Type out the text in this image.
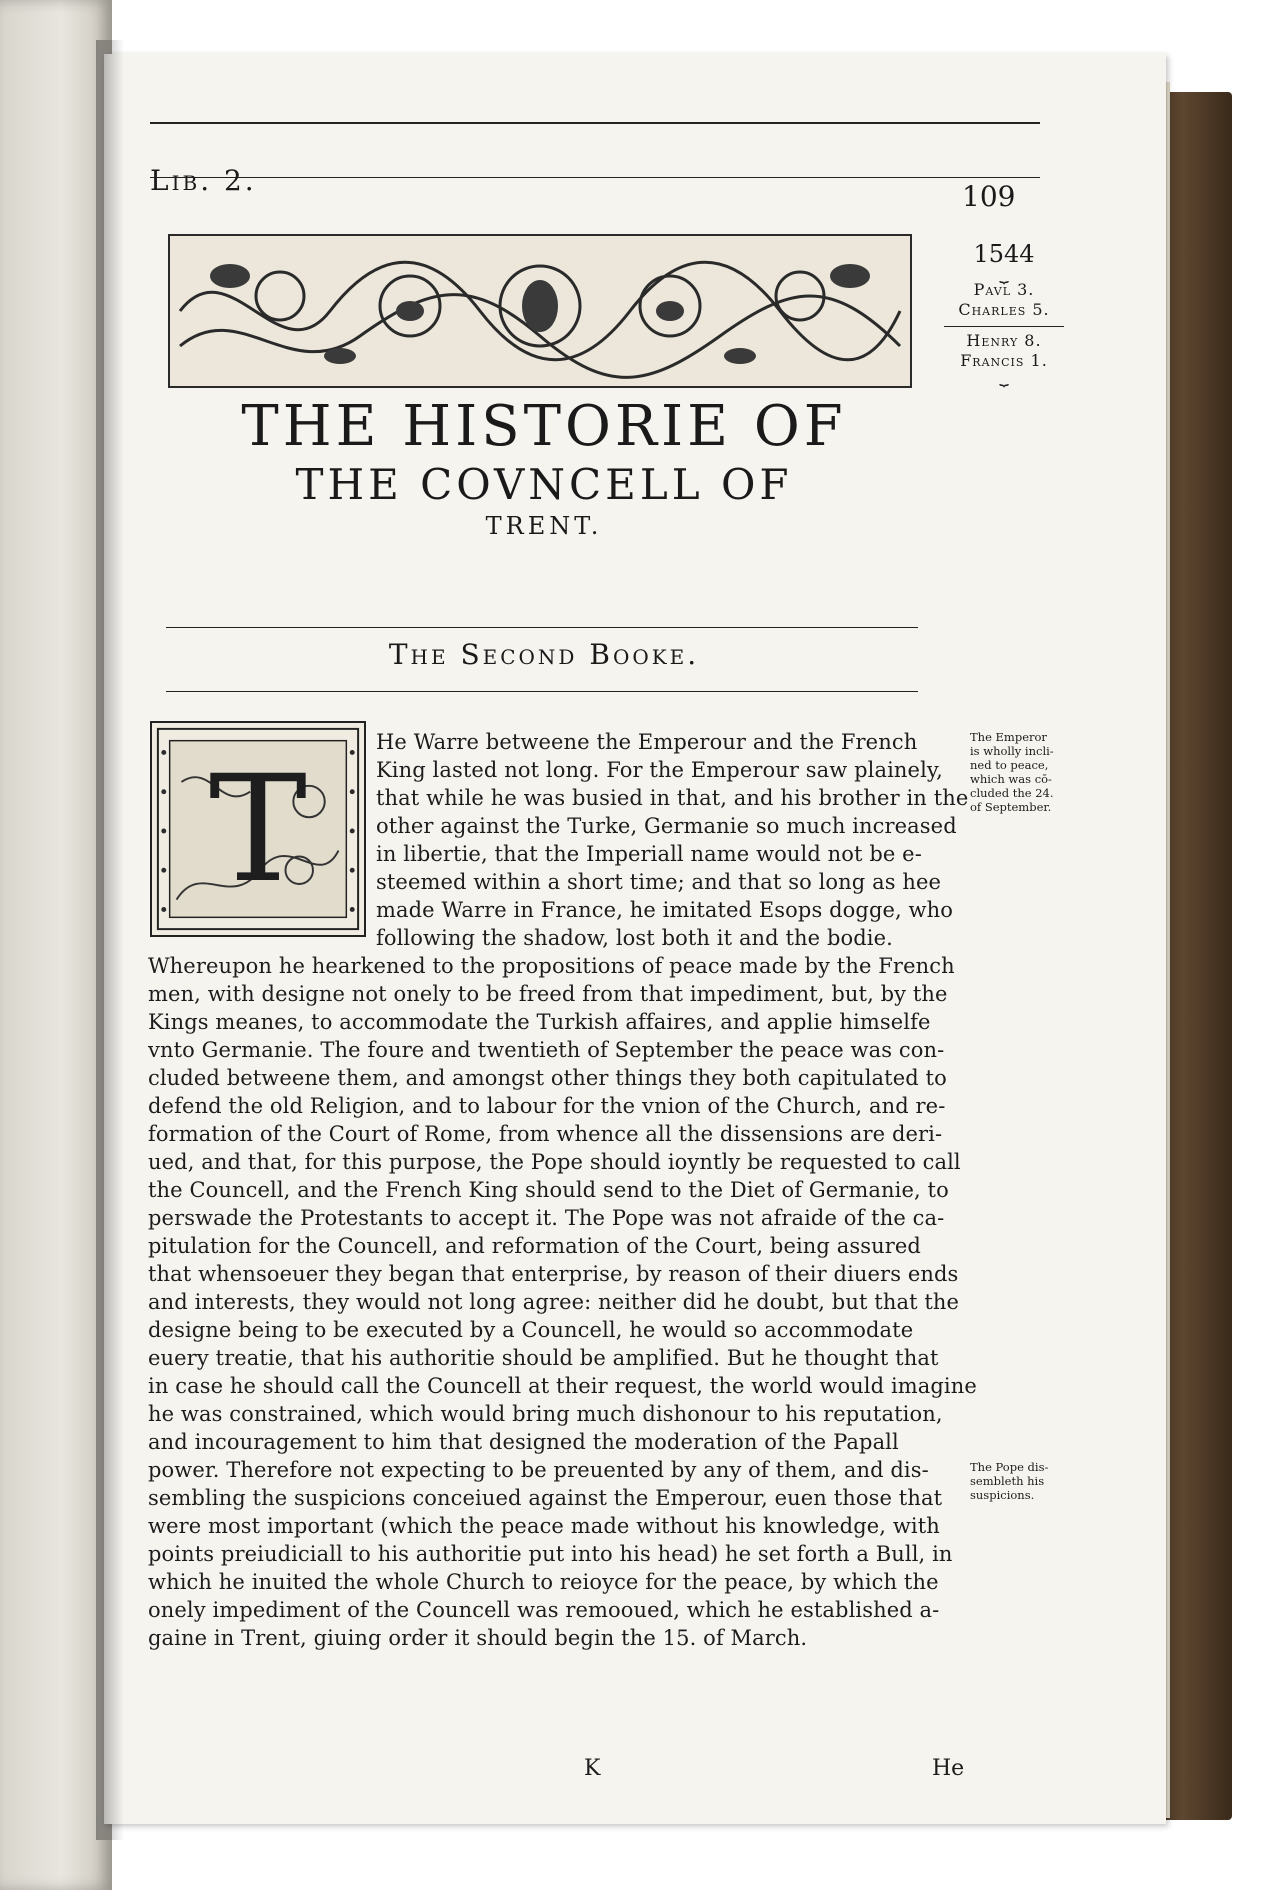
Lib. 2.	109
1544
⏟
Pavl 3.
Charles 5.
Henry 8.
Francis 1.
⏟
THE HISTORIE OF
THE COVNCELL OF
TRENT.
The Second Booke.
T
He Warre betweene the Emperour and the French
King lasted not long. For the Emperour saw plainely,
that while he was busied in that, and his brother in the
other against the Turke, Germanie so much increased
in libertie, that the Imperiall name would not be e-
steemed within a short time; and that so long as hee
made Warre in France, he imitated Esops dogge, who
following the shadow, lost both it and the bodie.
Whereupon he hearkened to the propositions of peace made by the French
men, with designe not onely to be freed from that impediment, but, by the
Kings meanes, to accommodate the Turkish affaires, and applie himselfe
vnto Germanie. The foure and twentieth of September the peace was con-
cluded betweene them, and amongst other things they both capitulated to
defend the old Religion, and to labour for the vnion of the Church, and re-
formation of the Court of Rome, from whence all the dissensions are deri-
ued, and that, for this purpose, the Pope should ioyntly be requested to call
the Councell, and the French King should send to the Diet of Germanie, to
perswade the Protestants to accept it. The Pope was not afraide of the ca-
pitulation for the Councell, and reformation of the Court, being assured
that whensoeuer they began that enterprise, by reason of their diuers ends
and interests, they would not long agree: neither did he doubt, but that the
designe being to be executed by a Councell, he would so accommodate
euery treatie, that his authoritie should be amplified. But he thought that
in case he should call the Councell at their request, the world would imagine
he was constrained, which would bring much dishonour to his reputation,
and incouragement to him that designed the moderation of the Papall
power. Therefore not expecting to be preuented by any of them, and dis-
sembling the suspicions conceiued against the Emperour, euen those that
were most important (which the peace made without his knowledge, with
points preiudiciall to his authoritie put into his head) he set forth a Bull, in
which he inuited the whole Church to reioyce for the peace, by which the
onely impediment of the Councell was remooued, which he established a-
gaine in Trent, giuing order it should begin the 15. of March.
The Emperor
is wholly incli-
ned to peace,
which was cō-
cluded the 24.
of September.
The Pope dis-
sembleth his
suspicions.
K	He
